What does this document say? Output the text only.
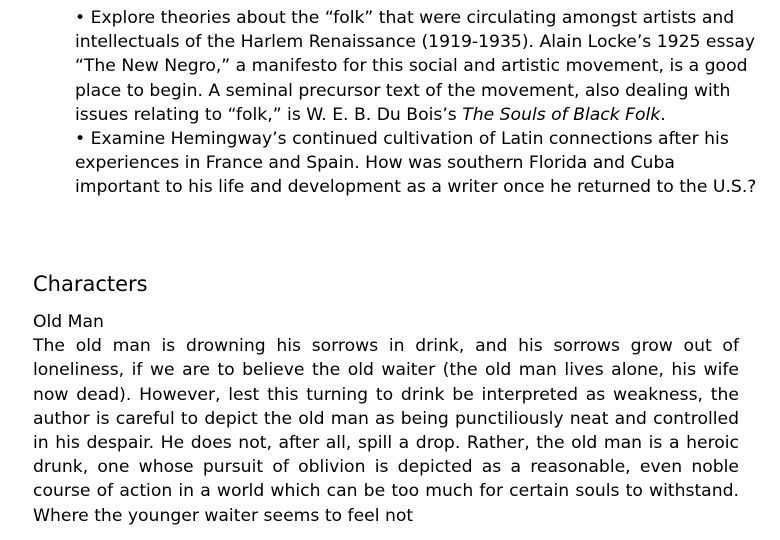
• Explore theories about the “folk” that were circulating amongst artists and intellectuals of the Harlem Renaissance (1919-1935). Alain Locke’s 1925 essay “The New Negro,” a manifesto for this social and artistic movement, is a good place to begin. A seminal precursor text of the movement, also dealing with issues relating to “folk,” is W. E. B. Du Bois’s The Souls of Black Folk.

• Examine Hemingway’s continued cultivation of Latin connections after his experiences in France and Spain. How was southern Florida and Cuba important to his life and development as a writer once he returned to the U.S.?

Characters
Old Man
The old man is drowning his sorrows in drink, and his sorrows grow out of loneliness, if we are to believe the old waiter (the old man lives alone, his wife now dead). However, lest this turning to drink be interpreted as weakness, the author is careful to depict the old man as being punctiliously neat and controlled in his despair. He does not, after all, spill a drop. Rather, the old man is a heroic drunk, one whose pursuit of oblivion is depicted as a reasonable, even noble course of action in a world which can be too much for certain souls to withstand. Where the younger waiter seems to feel not
